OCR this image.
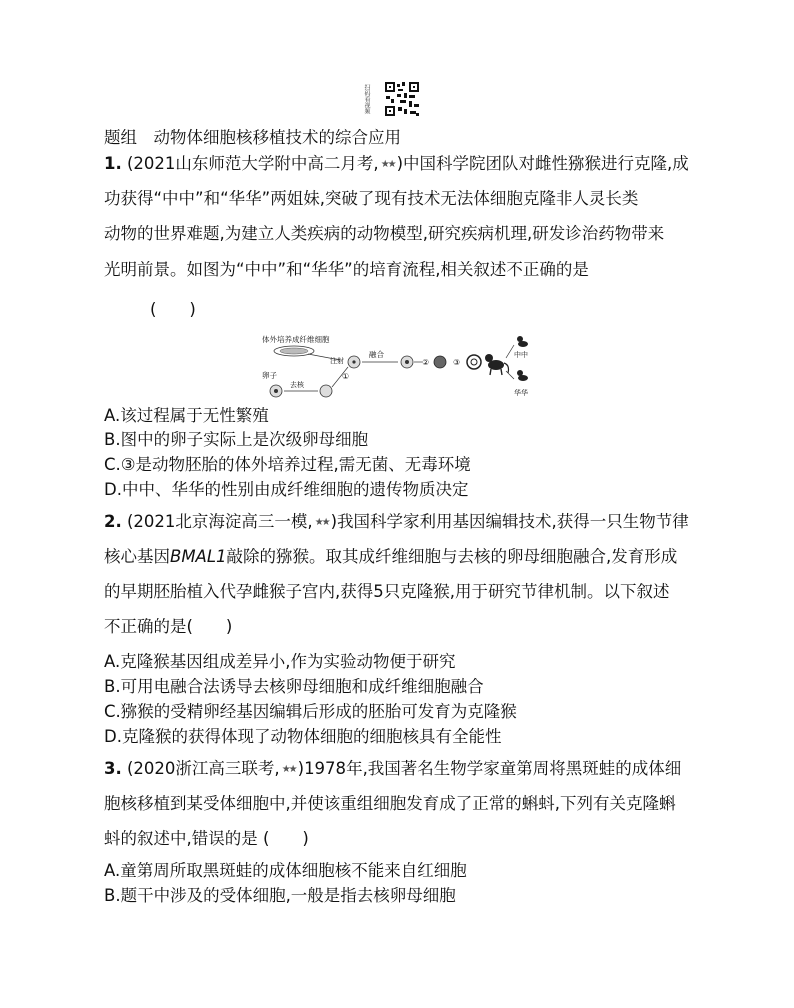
扫码看视频
题组　动物体细胞核移植技术的综合应用
1. (2021山东师范大学附中高二月考, ★★ )中国科学院团队对雌性猕猴进行克隆,成
功获得“中中”和“华华”两姐妹,突破了现有技术无法体细胞克隆非人灵长类
动物的世界难题,为建立人类疾病的动物模型,研究疾病机理,研发诊治药物带来
光明前景。如图为“中中”和“华华”的培育流程,相关叙述不正确的是
(　　)
体外培养成纤维细胞
注射
卵子
去核
①
融合
②	③
中中
华华
A.该过程属于无性繁殖
B.图中的卵子实际上是次级卵母细胞
C.③是动物胚胎的体外培养过程,需无菌、无毒环境
D.中中、华华的性别由成纤维细胞的遗传物质决定
2. (2021北京海淀高三一模, ★★ )我国科学家利用基因编辑技术,获得一只生物节律
核心基因BMAL1敲除的猕猴。取其成纤维细胞与去核的卵母细胞融合,发育形成
的早期胚胎植入代孕雌猴子宫内,获得5只克隆猴,用于研究节律机制。以下叙述
不正确的是(　　)
A.克隆猴基因组成差异小,作为实验动物便于研究
B.可用电融合法诱导去核卵母细胞和成纤维细胞融合
C.猕猴的受精卵经基因编辑后形成的胚胎可发育为克隆猴
D.克隆猴的获得体现了动物体细胞的细胞核具有全能性
3. (2020浙江高三联考, ★★ )1978年,我国著名生物学家童第周将黑斑蛙的成体细
胞核移植到某受体细胞中,并使该重组细胞发育成了正常的蝌蚪,下列有关克隆蝌
蚪的叙述中,错误的是 (　　)
A.童第周所取黑斑蛙的成体细胞核不能来自红细胞
B.题干中涉及的受体细胞,一般是指去核卵母细胞
